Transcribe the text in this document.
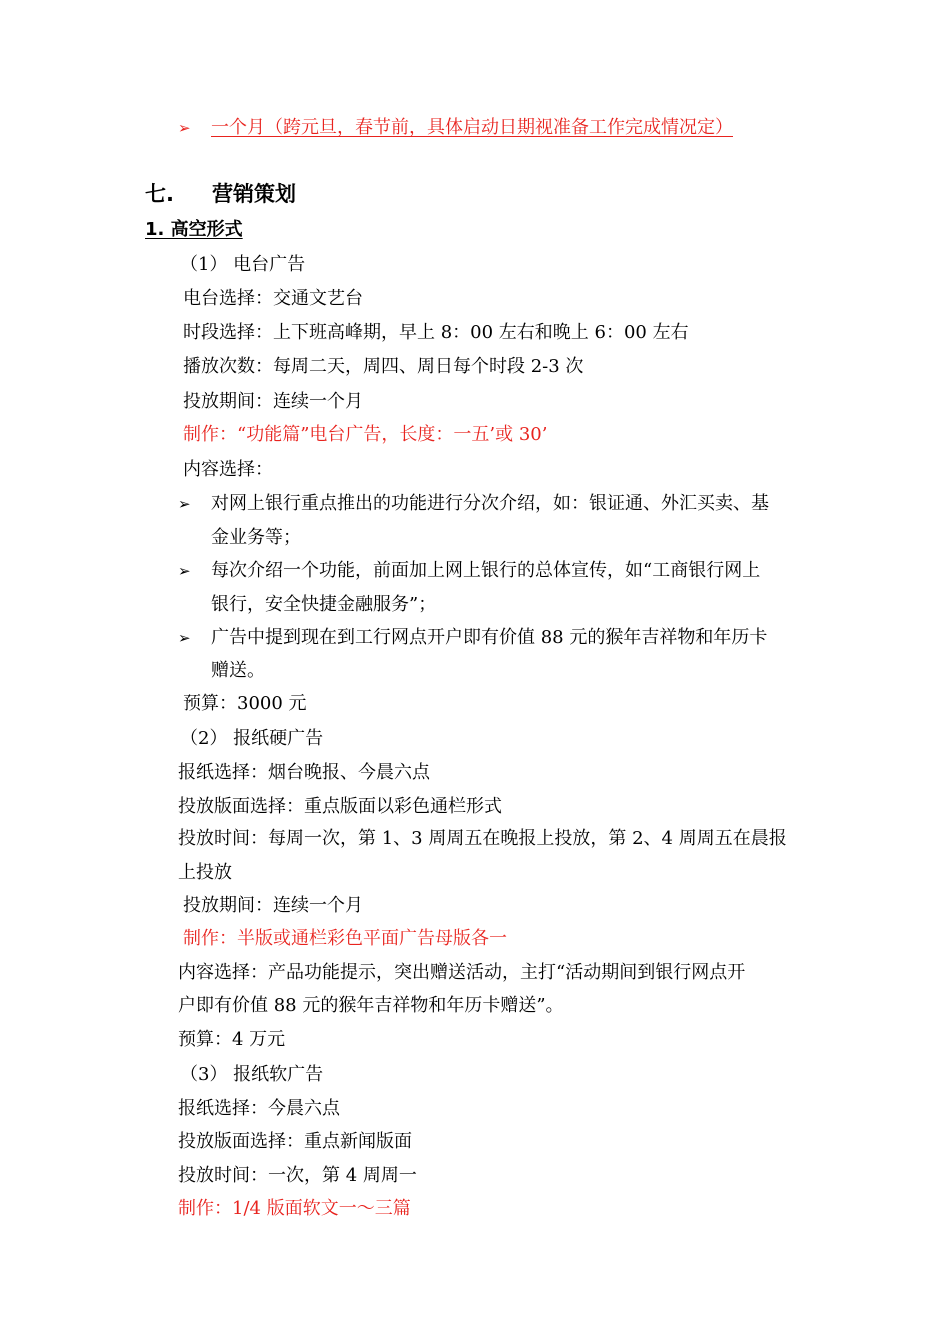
➢ 一个月（跨元旦，春节前，具体启动日期视准备工作完成情况定）
七. 营销策划
1. 高空形式
（1） 电台广告
电台选择：交通文艺台
时段选择：上下班高峰期，早上 8：00 左右和晚上 6：00 左右
播放次数：每周二天，周四、周日每个时段 2-3 次
投放期间：连续一个月
制作：“功能篇”电台广告，长度：一五’或 30’
内容选择：
➢ 对网上银行重点推出的功能进行分次介绍，如：银证通、外汇买卖、基
金业务等；
➢ 每次介绍一个功能，前面加上网上银行的总体宣传，如“工商银行网上
银行，安全快捷金融服务”；
➢ 广告中提到现在到工行网点开户即有价值 88 元的猴年吉祥物和年历卡
赠送。
预算：3000 元
（2） 报纸硬广告
报纸选择：烟台晚报、今晨六点
投放版面选择：重点版面以彩色通栏形式
投放时间：每周一次，第 1、3 周周五在晚报上投放，第 2、4 周周五在晨报
上投放
投放期间：连续一个月
制作：半版或通栏彩色平面广告母版各一
内容选择：产品功能提示，突出赠送活动，主打“活动期间到银行网点开
户即有价值 88 元的猴年吉祥物和年历卡赠送”。
预算：4 万元
（3） 报纸软广告
报纸选择：今晨六点
投放版面选择：重点新闻版面
投放时间：一次，第 4 周周一
制作：1/4 版面软文一～三篇
